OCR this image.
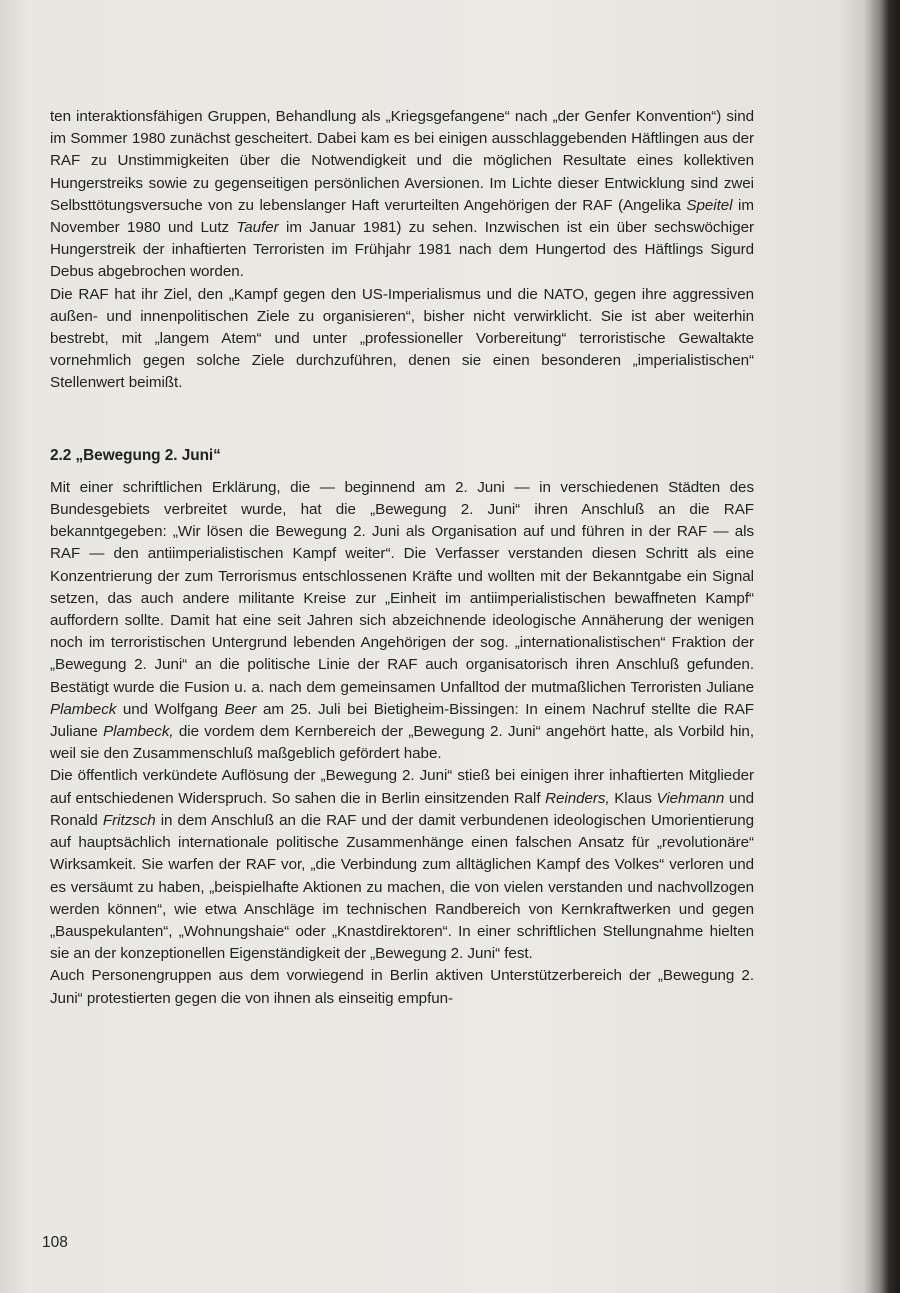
ten interaktionsfähigen Gruppen, Behandlung als „Kriegsgefangene“ nach „der Genfer Konvention“) sind im Sommer 1980 zunächst gescheitert. Dabei kam es bei einigen ausschlaggebenden Häftlingen aus der RAF zu Unstimmigkeiten über die Notwendigkeit und die möglichen Resultate eines kollektiven Hungerstreiks sowie zu gegenseitigen persönlichen Aversionen. Im Lichte dieser Entwicklung sind zwei Selbsttötungsversuche von zu lebenslanger Haft verurteilten Angehörigen der RAF (Angelika Speitel im November 1980 und Lutz Taufer im Januar 1981) zu sehen. Inzwischen ist ein über sechswöchiger Hungerstreik der inhaftierten Terroristen im Frühjahr 1981 nach dem Hungertod des Häftlings Sigurd Debus abgebrochen worden.

Die RAF hat ihr Ziel, den „Kampf gegen den US-Imperialismus und die NATO, gegen ihre aggressiven außen- und innenpolitischen Ziele zu organisieren“, bisher nicht verwirklicht. Sie ist aber weiterhin bestrebt, mit „langem Atem“ und unter „professioneller Vorbereitung“ terroristische Gewaltakte vornehmlich gegen solche Ziele durchzuführen, denen sie einen besonderen „imperialistischen“ Stellenwert beimißt.

2.2 „Bewegung 2. Juni“

Mit einer schriftlichen Erklärung, die — beginnend am 2. Juni — in verschiedenen Städten des Bundesgebiets verbreitet wurde, hat die „Bewegung 2. Juni“ ihren Anschluß an die RAF bekanntgegeben: „Wir lösen die Bewegung 2. Juni als Organisation auf und führen in der RAF — als RAF — den antiimperialistischen Kampf weiter“. Die Verfasser verstanden diesen Schritt als eine Konzentrierung der zum Terrorismus entschlossenen Kräfte und wollten mit der Bekanntgabe ein Signal setzen, das auch andere militante Kreise zur „Einheit im antiimperialistischen bewaffneten Kampf“ auffordern sollte. Damit hat eine seit Jahren sich abzeichnende ideologische Annäherung der wenigen noch im terroristischen Untergrund lebenden Angehörigen der sog. „internationalistischen“ Fraktion der „Bewegung 2. Juni“ an die politische Linie der RAF auch organisatorisch ihren Anschluß gefunden. Bestätigt wurde die Fusion u. a. nach dem gemeinsamen Unfalltod der mutmaßlichen Terroristen Juliane Plambeck und Wolfgang Beer am 25. Juli bei Bietigheim-Bissingen: In einem Nachruf stellte die RAF Juliane Plambeck, die vordem dem Kernbereich der „Bewegung 2. Juni“ angehört hatte, als Vorbild hin, weil sie den Zusammenschluß maßgeblich gefördert habe.

Die öffentlich verkündete Auflösung der „Bewegung 2. Juni“ stieß bei einigen ihrer inhaftierten Mitglieder auf entschiedenen Widerspruch. So sahen die in Berlin einsitzenden Ralf Reinders, Klaus Viehmann und Ronald Fritzsch in dem Anschluß an die RAF und der damit verbundenen ideologischen Umorientierung auf hauptsächlich internationale politische Zusammenhänge einen falschen Ansatz für „revolutionäre“ Wirksamkeit. Sie warfen der RAF vor, „die Verbindung zum alltäglichen Kampf des Volkes“ verloren und es versäumt zu haben, „beispielhafte Aktionen zu machen, die von vielen verstanden und nachvollzogen werden können“, wie etwa Anschläge im technischen Randbereich von Kernkraftwerken und gegen „Bauspekulanten“, „Wohnungshaie“ oder „Knastdirektoren“. In einer schriftlichen Stellungnahme hielten sie an der konzeptionellen Eigenständigkeit der „Bewegung 2. Juni“ fest.

Auch Personengruppen aus dem vorwiegend in Berlin aktiven Unterstützerbereich der „Bewegung 2. Juni“ protestierten gegen die von ihnen als einseitig empfun-

108
